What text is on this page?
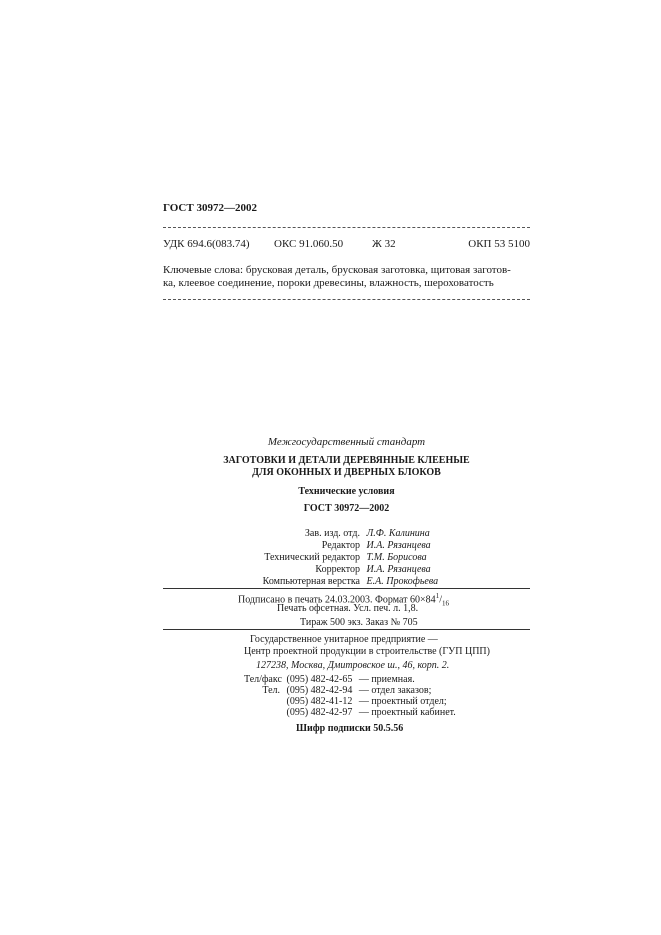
ГОСТ 30972—2002
УДК 694.6(083.74) ОКС 91.060.50	Ж 32	ОКП 53 5100
Ключевые слова: брусковая деталь, брусковая заготовка, щитовая заготов-
ка, клеевое соединение, пороки древесины, влажность, шероховатость
Межгосударственный стандарт
ЗАГОТОВКИ И ДЕТАЛИ ДЕРЕВЯННЫЕ КЛЕЕНЫЕ
ДЛЯ ОКОННЫХ И ДВЕРНЫХ БЛОКОВ
Технические условия
ГОСТ 30972—2002
Зав. изд. отд. Л.Ф. Калинина
Редактор И.А. Рязанцева
Технический редактор Т.М. Борисова
Корректор И.А. Рязанцева
Компьютерная верстка Е.А. Прокофьева
Подписано в печать 24.03.2003. Формат $60\times 84^1/_{16}$
Печать офсетная. Усл. печ. л. 1,8.
Тираж 500 экз. Заказ № 705
Государственное унитарное предприятие —
Центр проектной продукции в строительстве (ГУП ЦПП)
127238, Москва, Дмитровское ш., 46, корп. 2.
Тел/факс (095) 482-42-65 — приемная.
Тел. (095) 482-42-94 — отдел заказов;
(095) 482-41-12 — проектный отдел;
(095) 482-42-97 — проектный кабинет.
Шифр подписки 50.5.56
